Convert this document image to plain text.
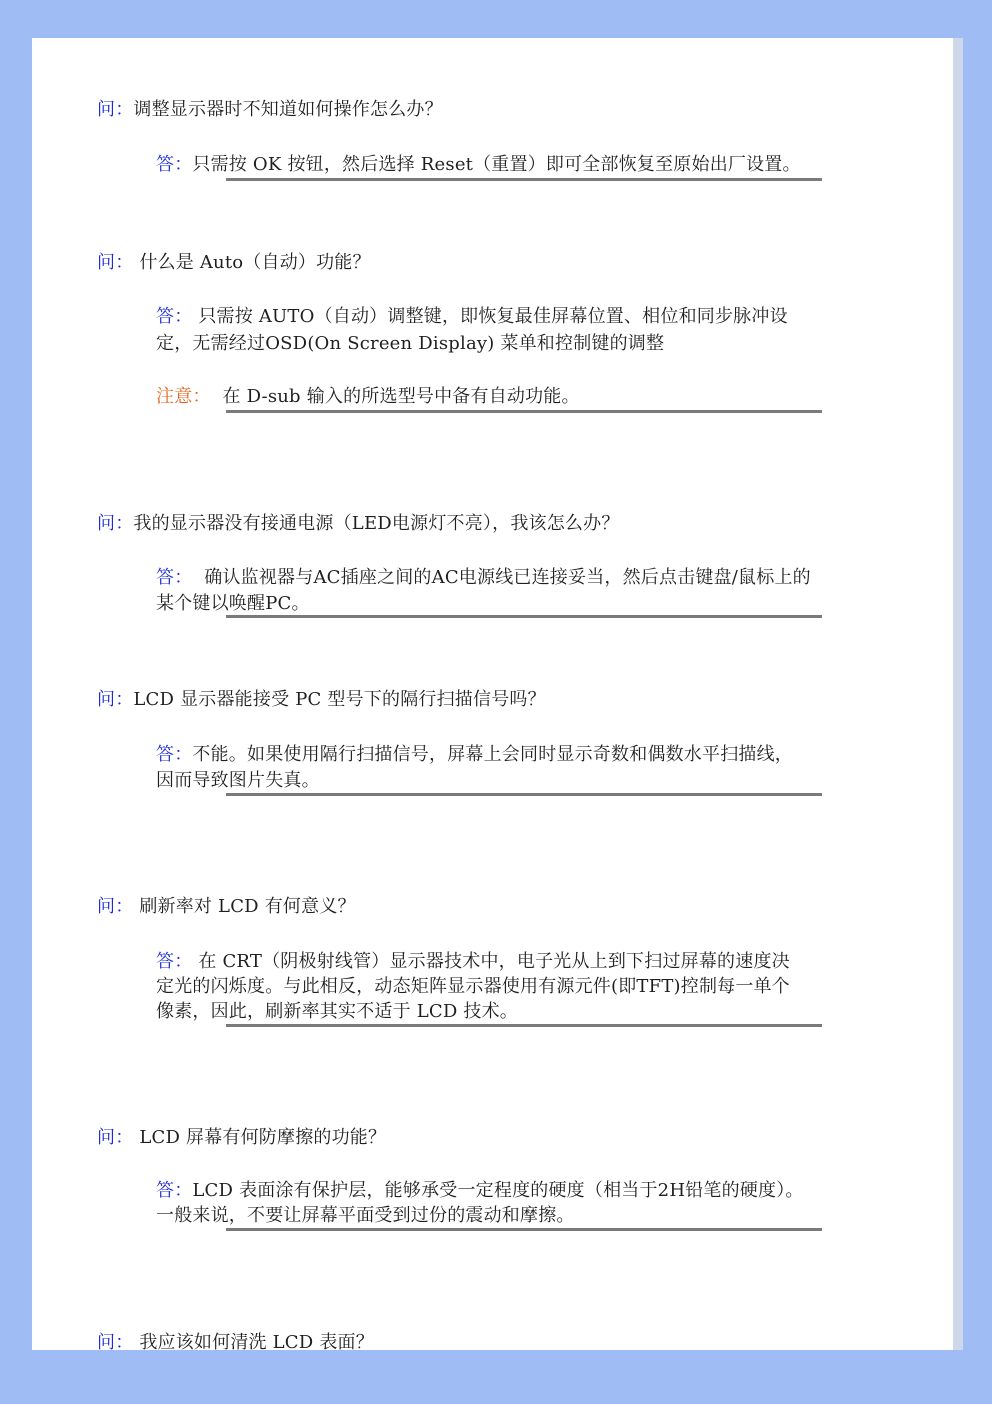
问：调整显示器时不知道如何操作怎么办？
答：只需按 OK 按钮，然后选择 Reset（重置）即可全部恢复至原始出厂设置。
问： 什么是 Auto（自动）功能？
答： 只需按 AUTO（自动）调整键，即恢复最佳屏幕位置、相位和同步脉冲设
定，无需经过OSD(On Screen Display) 菜单和控制键的调整
注意：  在 D-sub 输入的所选型号中备有自动功能。
问：我的显示器没有接通电源（LED电源灯不亮），我该怎么办？
答：  确认监视器与AC插座之间的AC电源线已连接妥当，然后点击键盘/鼠标上的
某个键以唤醒PC。
问：LCD 显示器能接受 PC 型号下的隔行扫描信号吗？
答：不能。如果使用隔行扫描信号，屏幕上会同时显示奇数和偶数水平扫描线，
因而导致图片失真。
问： 刷新率对 LCD 有何意义？
答： 在 CRT（阴极射线管）显示器技术中，电子光从上到下扫过屏幕的速度决
定光的闪烁度。与此相反，动态矩阵显示器使用有源元件(即TFT)控制每一单个
像素，因此，刷新率其实不适于 LCD 技术。
问： LCD 屏幕有何防摩擦的功能？
答：LCD 表面涂有保护层，能够承受一定程度的硬度（相当于2H铅笔的硬度）。
一般来说，不要让屏幕平面受到过份的震动和摩擦。
问： 我应该如何清洗 LCD 表面？
